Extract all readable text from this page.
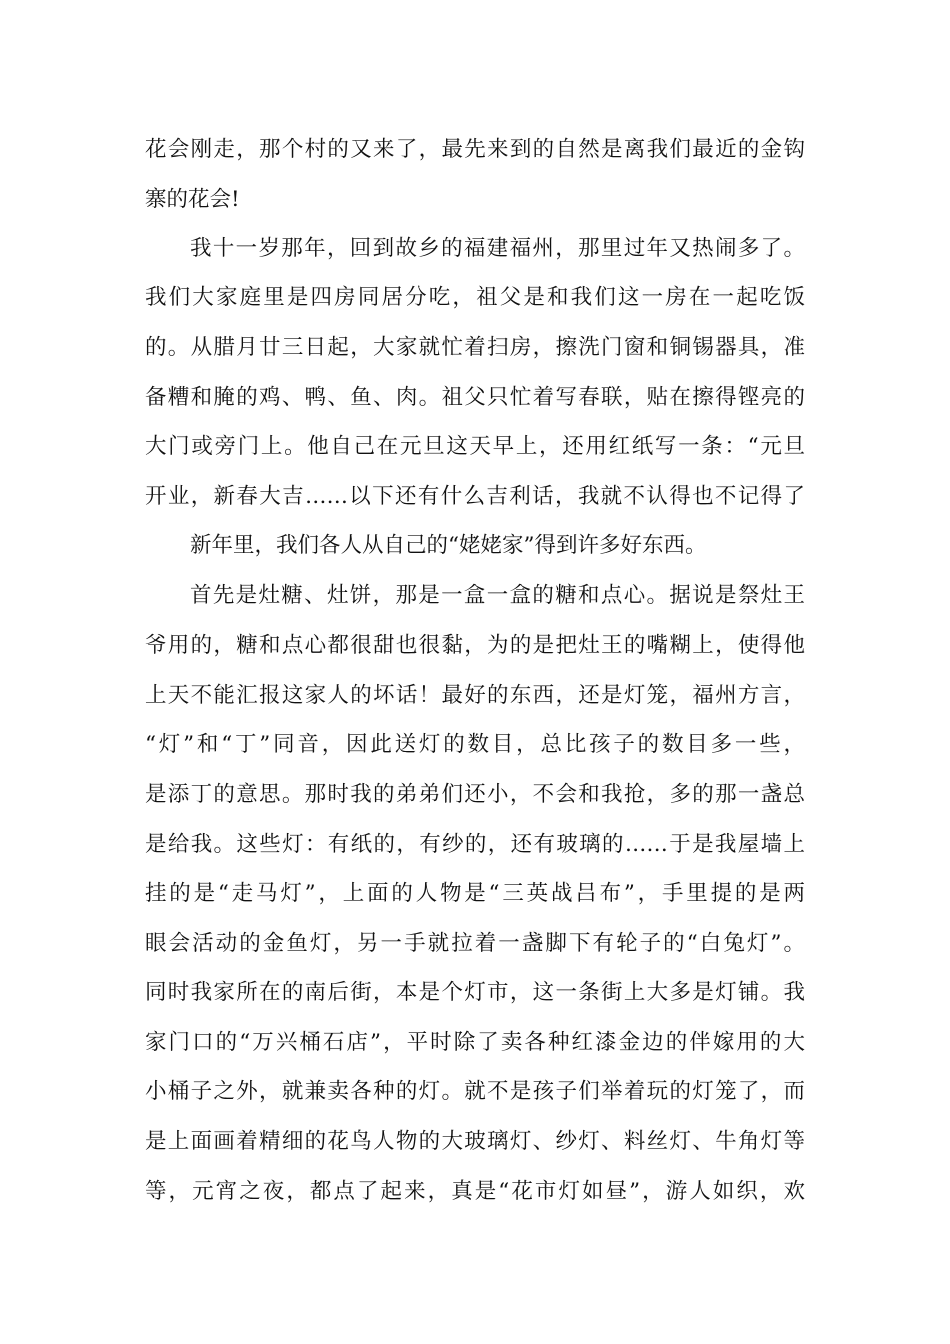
花会刚走，那个村的又来了，最先来到的自然是离我们最近的金钩
寨的花会!
我十一岁那年，回到故乡的福建福州，那里过年又热闹多了。
我们大家庭里是四房同居分吃，祖父是和我们这一房在一起吃饭
的。从腊月廿三日起，大家就忙着扫房，擦洗门窗和铜锡器具，准
备糟和腌的鸡、鸭、鱼、肉。祖父只忙着写春联，贴在擦得铿亮的
大门或旁门上。他自己在元旦这天早上，还用红纸写一条：“元旦
开业，新春大吉……以下还有什么吉利话，我就不认得也不记得了
新年里，我们各人从自己的“姥姥家”得到许多好东西。
首先是灶糖、灶饼，那是一盒一盒的糖和点心。据说是祭灶王
爷用的，糖和点心都很甜也很黏，为的是把灶王的嘴糊上，使得他
上天不能汇报这家人的坏话！最好的东西，还是灯笼，福州方言，
“灯”和“丁”同音，因此送灯的数目，总比孩子的数目多一些，
是添丁的意思。那时我的弟弟们还小，不会和我抢，多的那一盏总
是给我。这些灯：有纸的，有纱的，还有玻璃的……于是我屋墙上
挂的是“走马灯”，上面的人物是“三英战吕布”，手里提的是两
眼会活动的金鱼灯，另一手就拉着一盏脚下有轮子的“白兔灯”。
同时我家所在的南后街，本是个灯市，这一条街上大多是灯铺。我
家门口的“万兴桶石店”，平时除了卖各种红漆金边的伴嫁用的大
小桶子之外，就兼卖各种的灯。就不是孩子们举着玩的灯笼了，而
是上面画着精细的花鸟人物的大玻璃灯、纱灯、料丝灯、牛角灯等
等，元宵之夜，都点了起来，真是“花市灯如昼”，游人如织，欢
